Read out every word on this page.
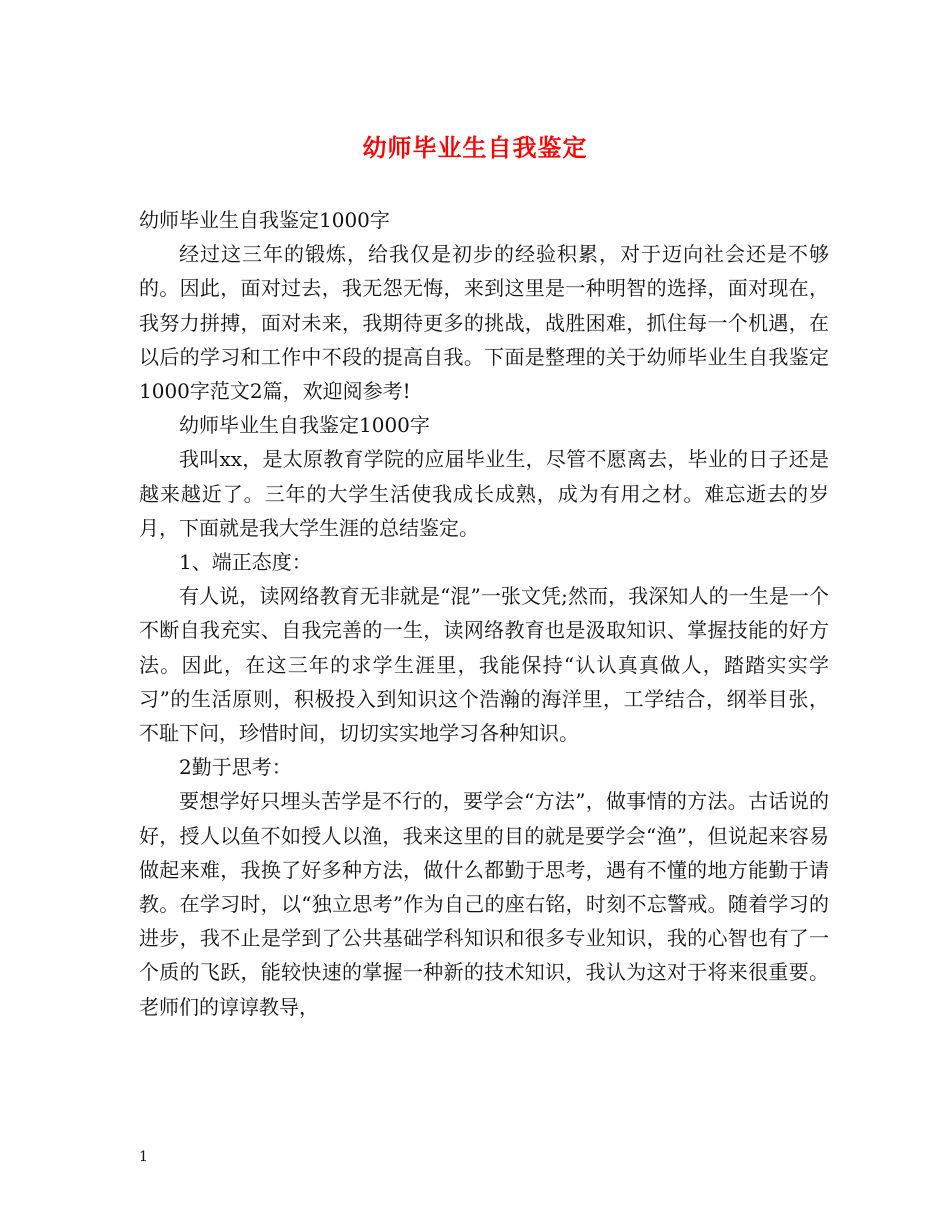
幼师毕业生自我鉴定

幼师毕业生自我鉴定1000字

经过这三年的锻炼，给我仅是初步的经验积累，对于迈向社会还是不够的。因此，面对过去，我无怨无悔，来到这里是一种明智的选择，面对现在，我努力拼搏，面对未来，我期待更多的挑战，战胜困难，抓住每一个机遇，在以后的学习和工作中不段的提高自我。下面是整理的关于幼师毕业生自我鉴定1000字范文2篇，欢迎阅参考!

幼师毕业生自我鉴定1000字

我叫xx，是太原教育学院的应届毕业生，尽管不愿离去，毕业的日子还是越来越近了。三年的大学生活使我成长成熟，成为有用之材。难忘逝去的岁月，下面就是我大学生涯的总结鉴定。

1、端正态度：

有人说，读网络教育无非就是“混”一张文凭;然而，我深知人的一生是一个不断自我充实、自我完善的一生，读网络教育也是汲取知识、掌握技能的好方法。因此，在这三年的求学生涯里，我能保持“认认真真做人，踏踏实实学习”的生活原则，积极投入到知识这个浩瀚的海洋里，工学结合，纲举目张，不耻下问，珍惜时间，切切实实地学习各种知识。

2勤于思考：

要想学好只埋头苦学是不行的，要学会“方法”，做事情的方法。古话说的好，授人以鱼不如授人以渔，我来这里的目的就是要学会“渔”，但说起来容易做起来难，我换了好多种方法，做什么都勤于思考，遇有不懂的地方能勤于请教。在学习时，以“独立思考”作为自己的座右铭，时刻不忘警戒。随着学习的进步，我不止是学到了公共基础学科知识和很多专业知识，我的心智也有了一个质的飞跃，能较快速的掌握一种新的技术知识，我认为这对于将来很重要。老师们的谆谆教导，

1
